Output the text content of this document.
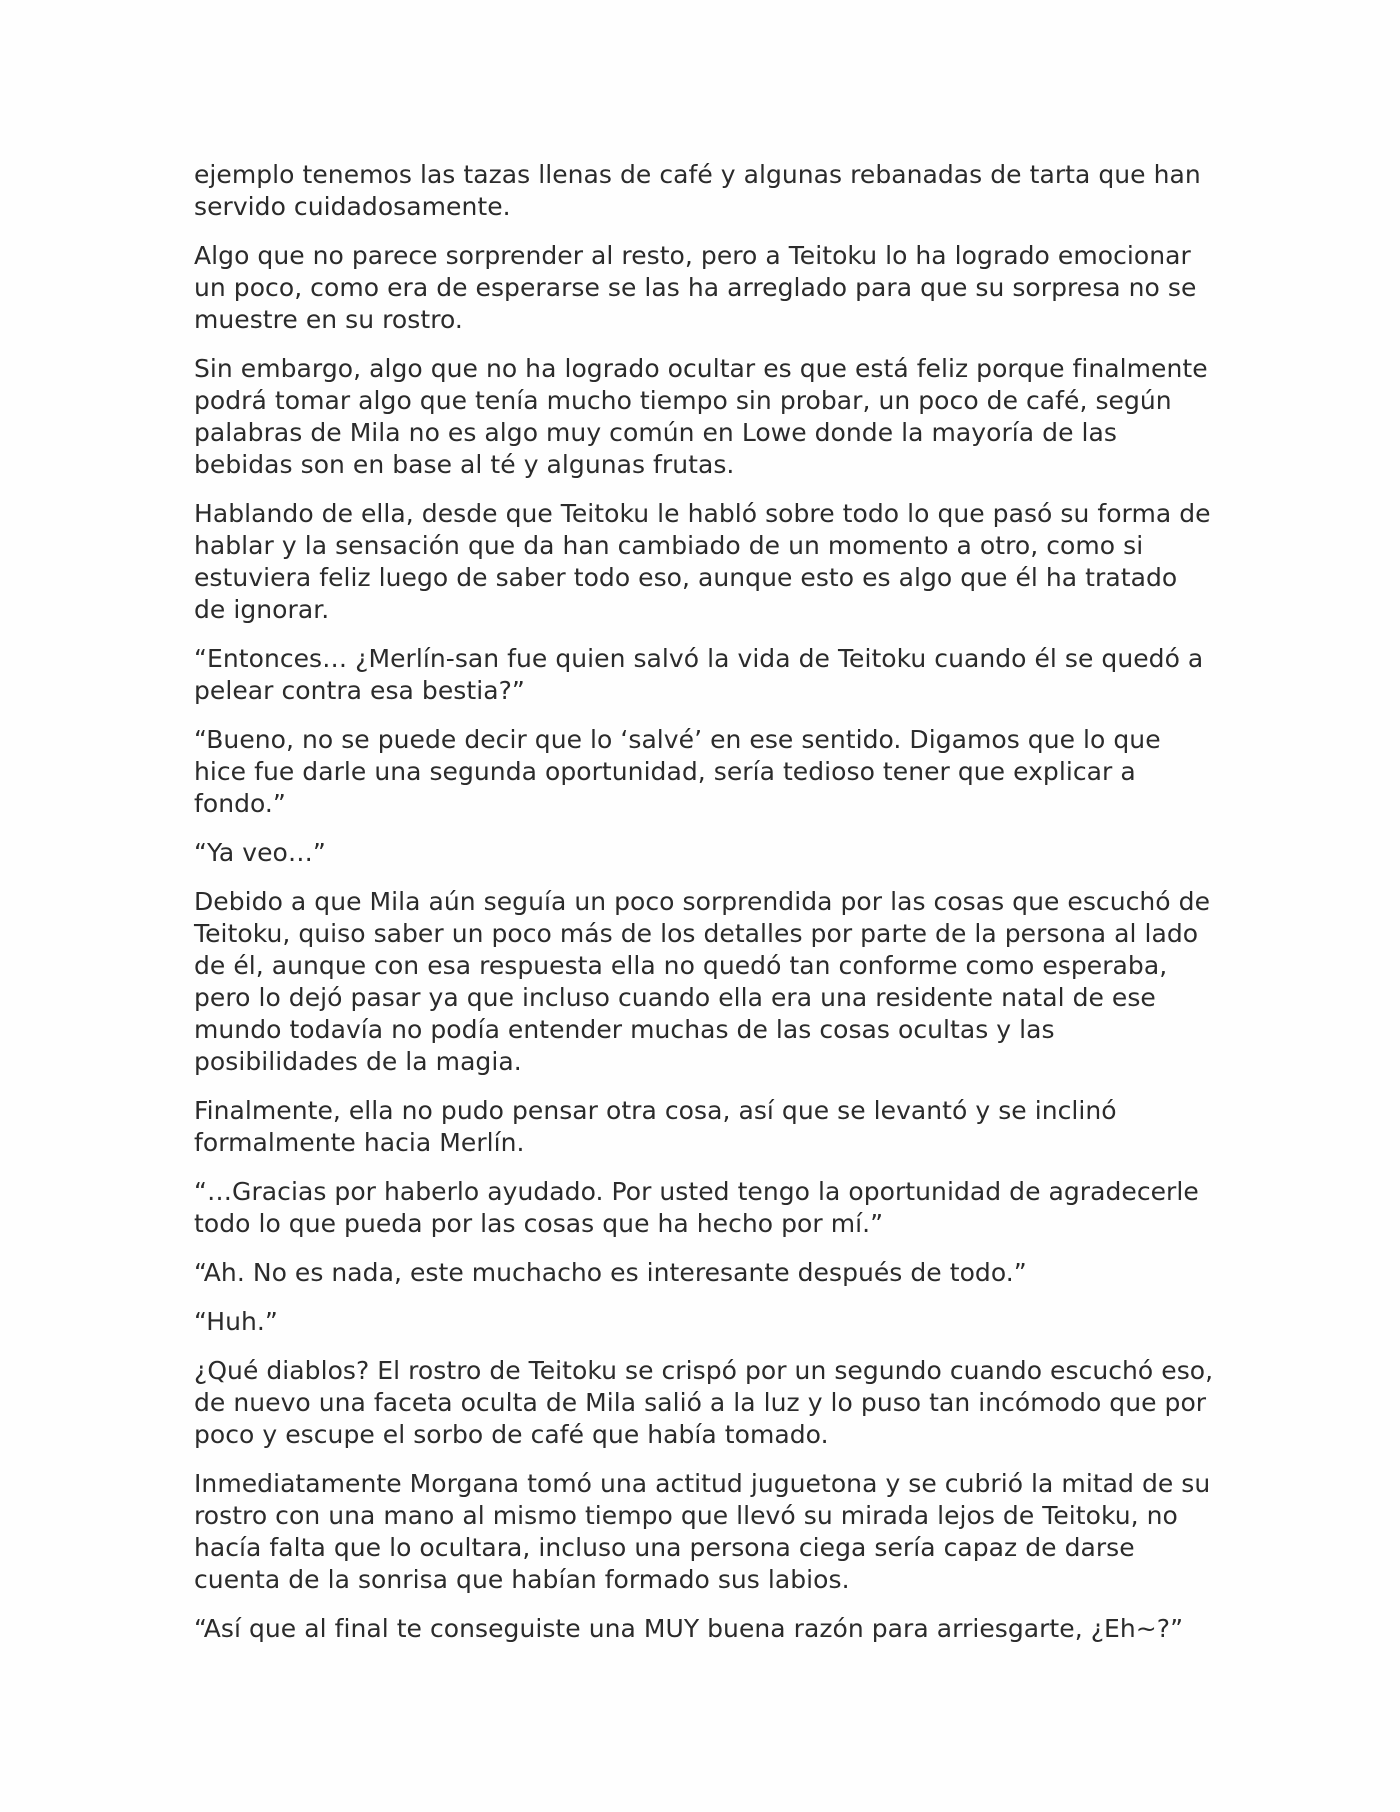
ejemplo tenemos las tazas llenas de café y algunas rebanadas de tarta que han servido cuidadosamente.

Algo que no parece sorprender al resto, pero a Teitoku lo ha logrado emocionar un poco, como era de esperarse se las ha arreglado para que su sorpresa no se muestre en su rostro.

Sin embargo, algo que no ha logrado ocultar es que está feliz porque finalmente podrá tomar algo que tenía mucho tiempo sin probar, un poco de café, según palabras de Mila no es algo muy común en Lowe donde la mayoría de las bebidas son en base al té y algunas frutas.

Hablando de ella, desde que Teitoku le habló sobre todo lo que pasó su forma de hablar y la sensación que da han cambiado de un momento a otro, como si estuviera feliz luego de saber todo eso, aunque esto es algo que él ha tratado de ignorar.

“Entonces… ¿Merlín-san fue quien salvó la vida de Teitoku cuando él se quedó a pelear contra esa bestia?”

“Bueno, no se puede decir que lo ‘salvé’ en ese sentido. Digamos que lo que hice fue darle una segunda oportunidad, sería tedioso tener que explicar a fondo.”

“Ya veo…”

Debido a que Mila aún seguía un poco sorprendida por las cosas que escuchó de Teitoku, quiso saber un poco más de los detalles por parte de la persona al lado de él, aunque con esa respuesta ella no quedó tan conforme como esperaba, pero lo dejó pasar ya que incluso cuando ella era una residente natal de ese mundo todavía no podía entender muchas de las cosas ocultas y las posibilidades de la magia.

Finalmente, ella no pudo pensar otra cosa, así que se levantó y se inclinó formalmente hacia Merlín.

“…Gracias por haberlo ayudado. Por usted tengo la oportunidad de agradecerle todo lo que pueda por las cosas que ha hecho por mí.”

“Ah. No es nada, este muchacho es interesante después de todo.”

“Huh.”

¿Qué diablos? El rostro de Teitoku se crispó por un segundo cuando escuchó eso, de nuevo una faceta oculta de Mila salió a la luz y lo puso tan incómodo que por poco y escupe el sorbo de café que había tomado.

Inmediatamente Morgana tomó una actitud juguetona y se cubrió la mitad de su rostro con una mano al mismo tiempo que llevó su mirada lejos de Teitoku, no hacía falta que lo ocultara, incluso una persona ciega sería capaz de darse cuenta de la sonrisa que habían formado sus labios.

“Así que al final te conseguiste una MUY buena razón para arriesgarte, ¿Eh~?”
